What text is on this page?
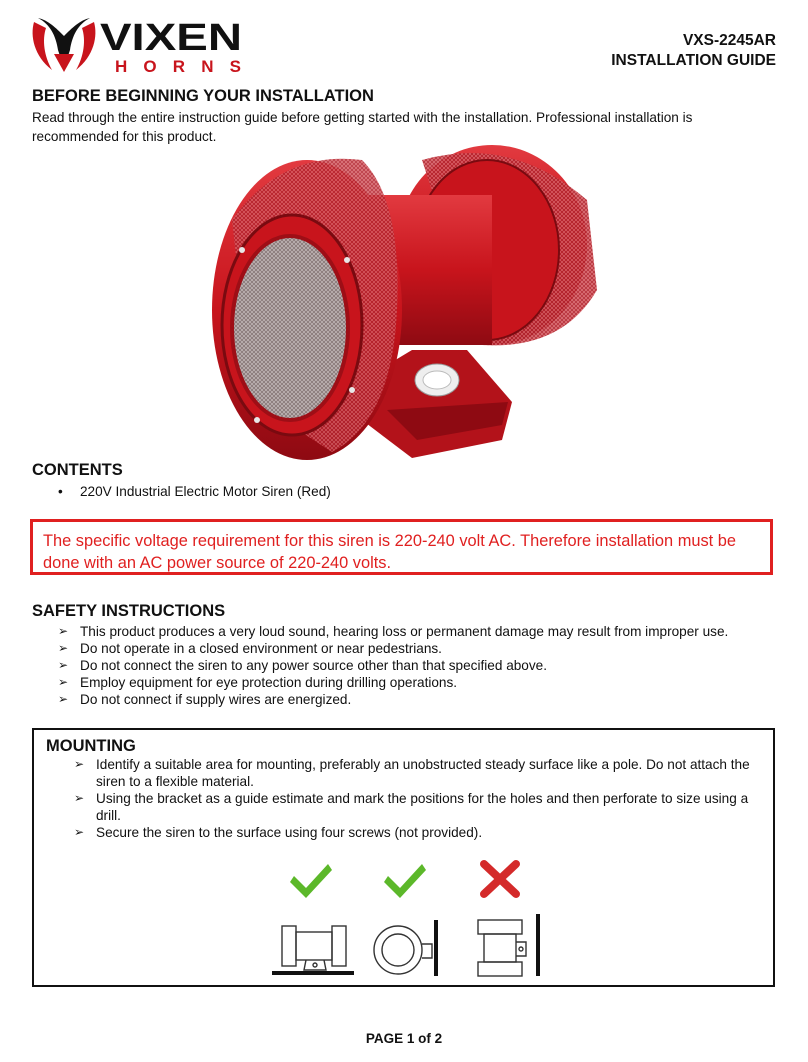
VIXEN
HORNS
VXS-2245AR
INSTALLATION GUIDE
BEFORE BEGINNING YOUR INSTALLATION
Read through the entire instruction guide before getting started with the installation. Professional installation is recommended for this product.
CONTENTS
• 220V Industrial Electric Motor Siren (Red)
The specific voltage requirement for this siren is 220-240 volt AC. Therefore installation must be done with an AC power source of 220-240 volts.
SAFETY INSTRUCTIONS
➢ This product produces a very loud sound, hearing loss or permanent damage may result from improper use.
➢ Do not operate in a closed environment or near pedestrians.
➢ Do not connect the siren to any power source other than that specified above.
➢ Employ equipment for eye protection during drilling operations.
➢ Do not connect if supply wires are energized.
MOUNTING
➢ Identify a suitable area for mounting, preferably an unobstructed steady surface like a pole. Do not attach the siren to a flexible material.
➢ Using the bracket as a guide estimate and mark the positions for the holes and then perforate to size using a drill.
➢ Secure the siren to the surface using four screws (not provided).
PAGE 1 of 2
